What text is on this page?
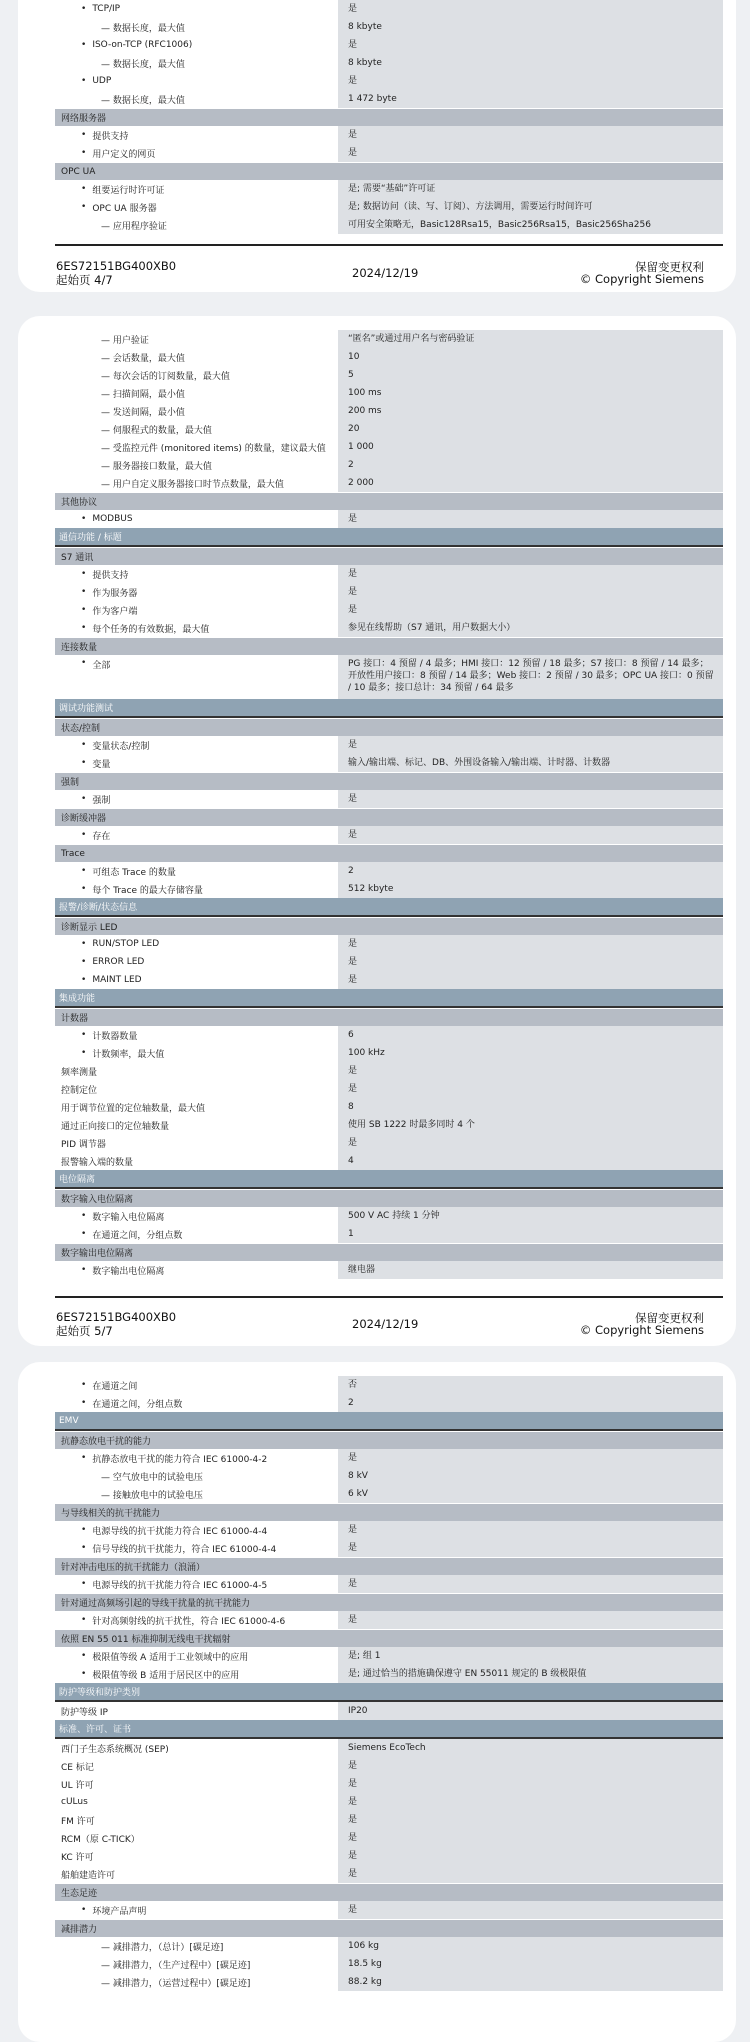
• TCP/IP	是
— 数据长度，最大值	8 kbyte
• ISO-on-TCP (RFC1006)	是
— 数据长度，最大值	8 kbyte
• UDP	是
— 数据长度，最大值	1 472 byte
网络服务器
• 提供支持	是
• 用户定义的网页	是
OPC UA
• 组要运行时许可证	是; 需要“基础”许可证
• OPC UA 服务器	是; 数据访问（读、写、订阅）、方法调用，需要运行时间许可
— 应用程序验证	可用安全策略无，Basic128Rsa15，Basic256Rsa15，Basic256Sha256
6ES72151BG400XB0
起始页 4/7	2024/12/19	保留变更权利
© Copyright Siemens
— 用户验证	“匿名”或通过用户名与密码验证
— 会话数量，最大值	10
— 每次会话的订阅数量，最大值	5
— 扫描间隔，最小值	100 ms
— 发送间隔，最小值	200 ms
— 伺服程式的数量，最大值	20
— 受监控元件 (monitored items) 的数量，建议最大值	1 000
— 服务器接口数量，最大值	2
— 用户自定义服务器接口时节点数量，最大值	2 000
其他协议
• MODBUS	是
通信功能 / 标题
S7 通讯
• 提供支持	是
• 作为服务器	是
• 作为客户端	是
• 每个任务的有效数据，最大值	参见在线帮助（S7 通讯，用户数据大小）
连接数量
• 全部	PG 接口：4 预留 / 4 最多；HMI 接口：12 预留 / 18 最多；S7 接口：8 预留 / 14 最多；开放性用户接口：8 预留 / 14 最多；Web 接口：2 预留 / 30 最多；OPC UA 接口：0 预留 / 10 最多；接口总计：34 预留 / 64 最多
调试功能测试
状态/控制
• 变量状态/控制	是
• 变量	输入/输出端、标记、DB、外围设备输入/输出端、计时器、计数器
强制
• 强制	是
诊断缓冲器
• 存在	是
Trace
• 可组态 Trace 的数量	2
• 每个 Trace 的最大存储容量	512 kbyte
报警/诊断/状态信息
诊断显示 LED
• RUN/STOP LED	是
• ERROR LED	是
• MAINT LED	是
集成功能
计数器
• 计数器数量	6
• 计数频率，最大值	100 kHz
频率测量	是
控制定位	是
用于调节位置的定位轴数量，最大值	8
通过正向接口的定位轴数量	使用 SB 1222 时最多同时 4 个
PID 调节器	是
报警输入端的数量	4
电位隔离
数字输入电位隔离
• 数字输入电位隔离	500 V AC 持续 1 分钟
• 在通道之间，分组点数	1
数字输出电位隔离
• 数字输出电位隔离	继电器
6ES72151BG400XB0
起始页 5/7	2024/12/19	保留变更权利
© Copyright Siemens
• 在通道之间	否
• 在通道之间，分组点数	2
EMV
抗静态放电干扰的能力
• 抗静态放电干扰的能力符合 IEC 61000-4-2	是
— 空气放电中的试验电压	8 kV
— 接触放电中的试验电压	6 kV
与导线相关的抗干扰能力
• 电源导线的抗干扰能力符合 IEC 61000-4-4	是
• 信号导线的抗干扰能力，符合 IEC 61000-4-4	是
针对冲击电压的抗干扰能力（浪涌）
• 电源导线的抗干扰能力符合 IEC 61000-4-5	是
针对通过高频场引起的导线干扰量的抗干扰能力
• 针对高频射线的抗干扰性，符合 IEC 61000-4-6	是
依照 EN 55 011 标准抑制无线电干扰辐射
• 极限值等级 A 适用于工业领域中的应用	是; 组 1
• 极限值等级 B 适用于居民区中的应用	是; 通过恰当的措施确保遵守 EN 55011 规定的 B 级极限值
防护等级和防护类别
防护等级 IP	IP20
标准、许可、证书
西门子生态系统概况 (SEP)	Siemens EcoTech
CE 标记	是
UL 许可	是
cULus	是
FM 许可	是
RCM（原 C-TICK）	是
KC 许可	是
船舶建造许可	是
生态足迹
• 环境产品声明	是
减排潜力
— 减排潜力，（总计）[碳足迹]	106 kg
— 减排潜力，（生产过程中）[碳足迹]	18.5 kg
— 减排潜力，（运营过程中）[碳足迹]	88.2 kg
